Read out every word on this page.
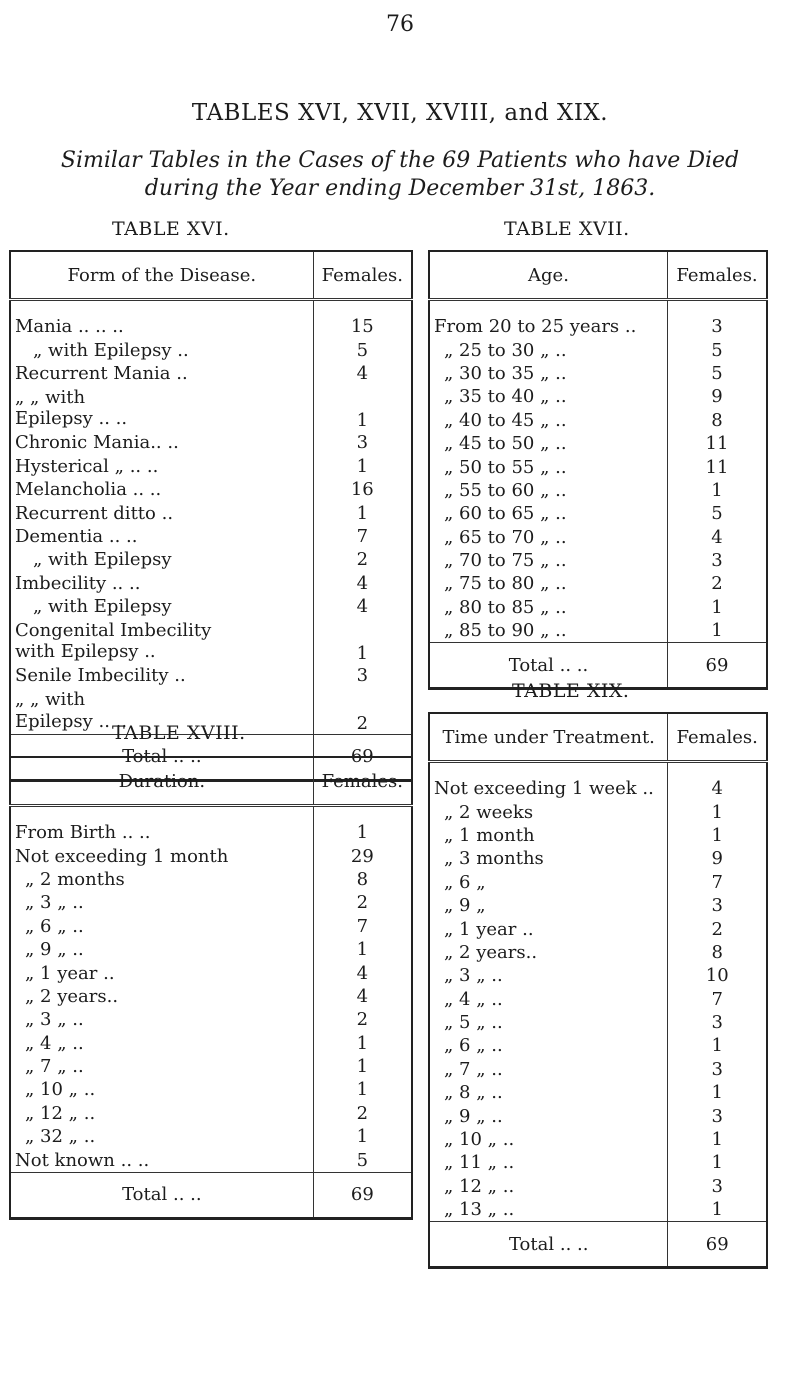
76
TABLES XVI, XVII, XVIII, and XIX.
Similar Tables in the Cases of the 69 Patients who have Died
during the Year ending December 31st, 1863.
TABLE XVI.
Form of the Disease.	Females.

Mania .. .. ..	15
„ with Epilepsy ..	5
Recurrent Mania ..	4
„ „ with
Epilepsy .. ..	1
Chronic Mania.. ..	3
Hysterical „ .. ..	1
Melancholia .. ..	16
Recurrent ditto ..	1
Dementia .. ..	7
„ with Epilepsy	2
Imbecility .. ..	4
„ with Epilepsy	4
Congenital Imbecility
with Epilepsy ..	1
Senile Imbecility ..	3
„ „ with
Epilepsy .. ..	2
Total .. ..	69
TABLE XVIII.
Duration.	Females.

From Birth .. ..	1
Not exceeding 1 month	29
„ 2 months	8
„ 3 „ ..	2
„ 6 „ ..	7
„ 9 „ ..	1
„ 1 year ..	4
„ 2 years..	4
„ 3 „ ..	2
„ 4 „ ..	1
„ 7 „ ..	1
„ 10 „ ..	1
„ 12 „ ..	2
„ 32 „ ..	1
Not known .. ..	5
Total .. ..	69
TABLE XVII.
Age.	Females.

From 20 to 25 years ..	3
„ 25 to 30 „ ..	5
„ 30 to 35 „ ..	5
„ 35 to 40 „ ..	9
„ 40 to 45 „ ..	8
„ 45 to 50 „ ..	11
„ 50 to 55 „ ..	11
„ 55 to 60 „ ..	1
„ 60 to 65 „ ..	5
„ 65 to 70 „ ..	4
„ 70 to 75 „ ..	3
„ 75 to 80 „ ..	2
„ 80 to 85 „ ..	1
„ 85 to 90 „ ..	1
Total .. ..	69
TABLE XIX.
Time under Treatment.	Females.

Not exceeding 1 week ..	4
„ 2 weeks	1
„ 1 month	1
„ 3 months	9
„ 6 „	7
„ 9 „	3
„ 1 year ..	2
„ 2 years..	8
„ 3 „ ..	10
„ 4 „ ..	7
„ 5 „ ..	3
„ 6 „ ..	1
„ 7 „ ..	3
„ 8 „ ..	1
„ 9 „ ..	3
„ 10 „ ..	1
„ 11 „ ..	1
„ 12 „ ..	3
„ 13 „ ..	1
Total .. ..	69
